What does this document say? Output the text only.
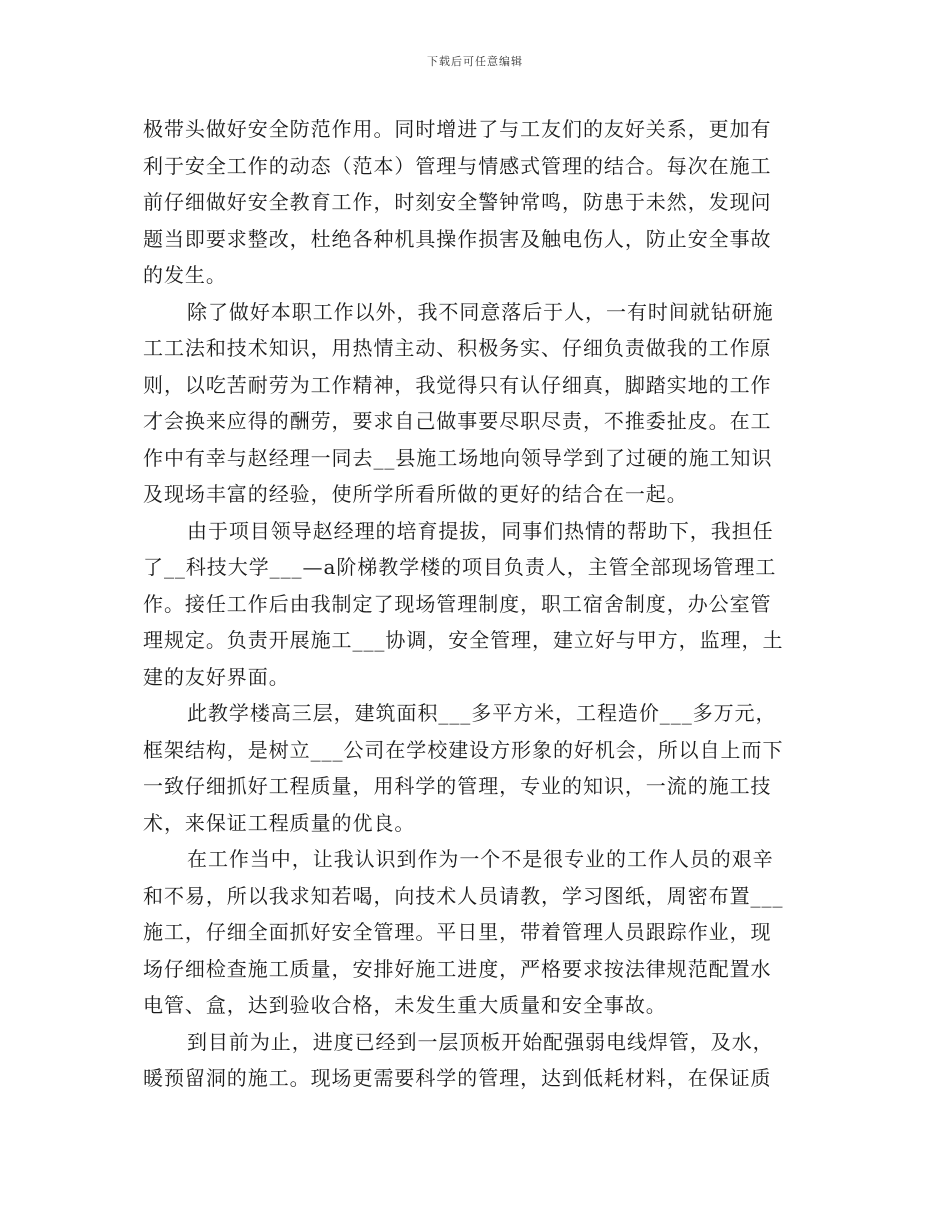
下载后可任意编辑
极带头做好安全防范作用。同时增进了与工友们的友好关系，更加有
利于安全工作的动态（范本）管理与情感式管理的结合。每次在施工
前仔细做好安全教育工作，时刻安全警钟常鸣，防患于未然，发现问
题当即要求整改，杜绝各种机具操作损害及触电伤人，防止安全事故
的发生。
除了做好本职工作以外，我不同意落后于人，一有时间就钻研施
工工法和技术知识，用热情主动、积极务实、仔细负责做我的工作原
则，以吃苦耐劳为工作精神，我觉得只有认仔细真，脚踏实地的工作
才会换来应得的酬劳，要求自己做事要尽职尽责，不推委扯皮。在工
作中有幸与赵经理一同去__县施工场地向领导学到了过硬的施工知识
及现场丰富的经验，使所学所看所做的更好的结合在一起。
由于项目领导赵经理的培育提拔，同事们热情的帮助下，我担任
了__科技大学___—a阶梯教学楼的项目负责人，主管全部现场管理工
作。接任工作后由我制定了现场管理制度，职工宿舍制度，办公室管
理规定。负责开展施工___协调，安全管理，建立好与甲方，监理，土
建的友好界面。
此教学楼高三层，建筑面积___多平方米，工程造价___多万元，
框架结构，是树立___公司在学校建设方形象的好机会，所以自上而下
一致仔细抓好工程质量，用科学的管理，专业的知识，一流的施工技
术，来保证工程质量的优良。
在工作当中，让我认识到作为一个不是很专业的工作人员的艰辛
和不易，所以我求知若喝，向技术人员请教，学习图纸，周密布置___
施工，仔细全面抓好安全管理。平日里，带着管理人员跟踪作业，现
场仔细检查施工质量，安排好施工进度，严格要求按法律规范配置水
电管、盒，达到验收合格，未发生重大质量和安全事故。
到目前为止，进度已经到一层顶板开始配强弱电线焊管，及水，
暖预留洞的施工。现场更需要科学的管理，达到低耗材料，在保证质
